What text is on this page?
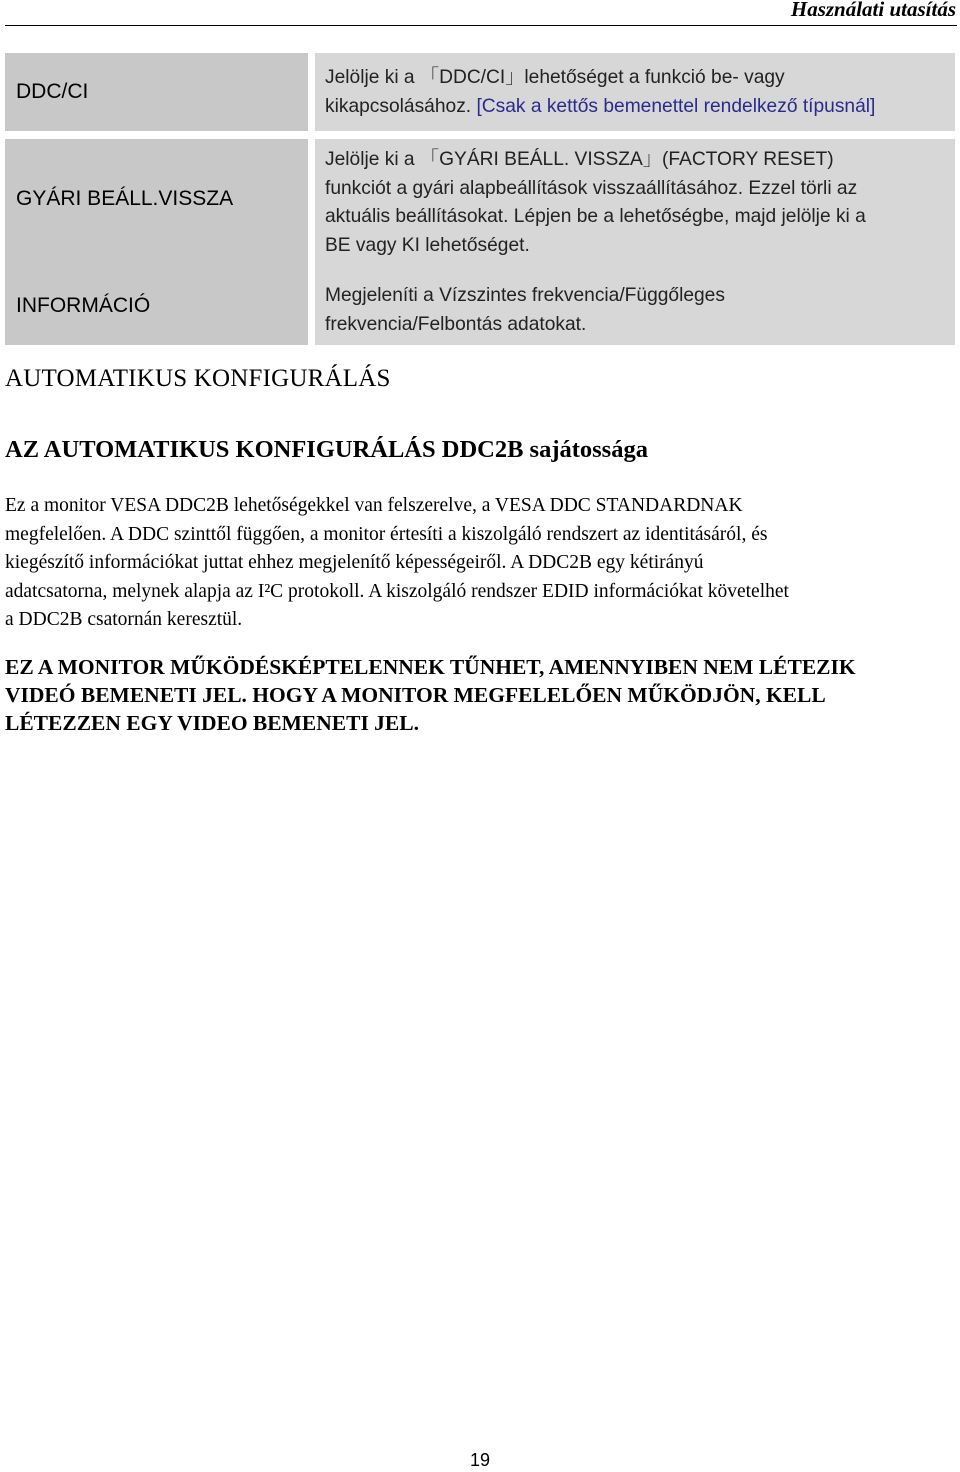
Használati utasítás
DDC/CI

Jelölje ki a 「DDC/CI」lehetőséget a funkció be- vagy

kikapcsolásához. [Csak a kettős bemenettel rendelkező típusnál]

GYÁRI BEÁLL.VISSZA

Jelölje ki a 「GYÁRI BEÁLL. VISSZA」(FACTORY RESET)

funkciót a gyári alapbeállítások visszaállításához. Ezzel törli az

aktuális beállításokat. Lépjen be a lehetőségbe, majd jelölje ki a

BE vagy KI lehetőséget.

INFORMÁCIÓ	Megjeleníti a Vízszintes frekvencia/Függőleges

frekvencia/Felbontás adatokat.

AUTOMATIKUS KONFIGURÁLÁS
AZ AUTOMATIKUS KONFIGURÁLÁS DDC2B sajátossága

Ez a monitor VESA DDC2B lehetőségekkel van felszerelve, a VESA DDC STANDARDNAK

megfelelően. A DDC szinttől függően, a monitor értesíti a kiszolgáló rendszert az identitásáról, és

kiegészítő információkat juttat ehhez megjelenítő képességeiről. A DDC2B egy kétirányú

adatcsatorna, melynek alapja az I²C protokoll. A kiszolgáló rendszer EDID információkat követelhet

a DDC2B csatornán keresztül.

EZ A MONITOR MŰKÖDÉSKÉPTELENNEK TŰNHET, AMENNYIBEN NEM LÉTEZIK

VIDEÓ BEMENETI JEL. HOGY A MONITOR MEGFELELŐEN MŰKÖDJÖN, KELL

LÉTEZZEN EGY VIDEO BEMENETI JEL.

19
